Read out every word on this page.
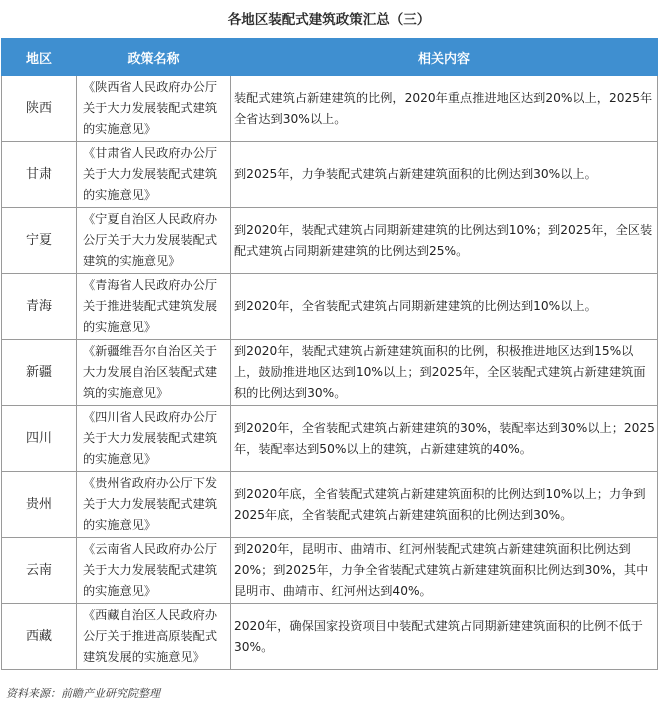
各地区装配式建筑政策汇总（三）
地区	政策名称	相关内容
陕西	《陕西省人民政府办公厅关于大力发展装配式建筑的实施意见》	装配式建筑占新建建筑的比例，2020年重点推进地区达到20%以上，2025年全省达到30%以上。
甘肃	《甘肃省人民政府办公厅关于大力发展装配式建筑的实施意见》	到2025年，力争装配式建筑占新建建筑面积的比例达到30%以上。
宁夏	《宁夏自治区人民政府办公厅关于大力发展装配式建筑的实施意见》	到2020年，装配式建筑占同期新建建筑的比例达到10%；到2025年，全区装配式建筑占同期新建建筑的比例达到25%。
青海	《青海省人民政府办公厅关于推进装配式建筑发展的实施意见》	到2020年，全省装配式建筑占同期新建建筑的比例达到10%以上。
新疆	《新疆维吾尔自治区关于大力发展自治区装配式建筑的实施意见》	到2020年，装配式建筑占新建建筑面积的比例，积极推进地区达到15%以上，鼓励推进地区达到10%以上；到2025年，全区装配式建筑占新建建筑面积的比例达到30%。
四川	《四川省人民政府办公厅关于大力发展装配式建筑的实施意见》	到2020年，全省装配式建筑占新建建筑的30%，装配率达到30%以上；2025年，装配率达到50%以上的建筑，占新建建筑的40%。
贵州	《贵州省政府办公厅下发关于大力发展装配式建筑的实施意见》	到2020年底，全省装配式建筑占新建建筑面积的比例达到10%以上；力争到2025年底，全省装配式建筑占新建建筑面积的比例达到30%。
云南	《云南省人民政府办公厅关于大力发展装配式建筑的实施意见》	到2020年，昆明市、曲靖市、红河州装配式建筑占新建建筑面积比例达到20%；到2025年，力争全省装配式建筑占新建建筑面积比例达到30%，其中昆明市、曲靖市、红河州达到40%。
西藏	《西藏自治区人民政府办公厅关于推进高原装配式建筑发展的实施意见》	2020年，确保国家投资项目中装配式建筑占同期新建建筑面积的比例不低于30%。
资料来源：前瞻产业研究院整理
